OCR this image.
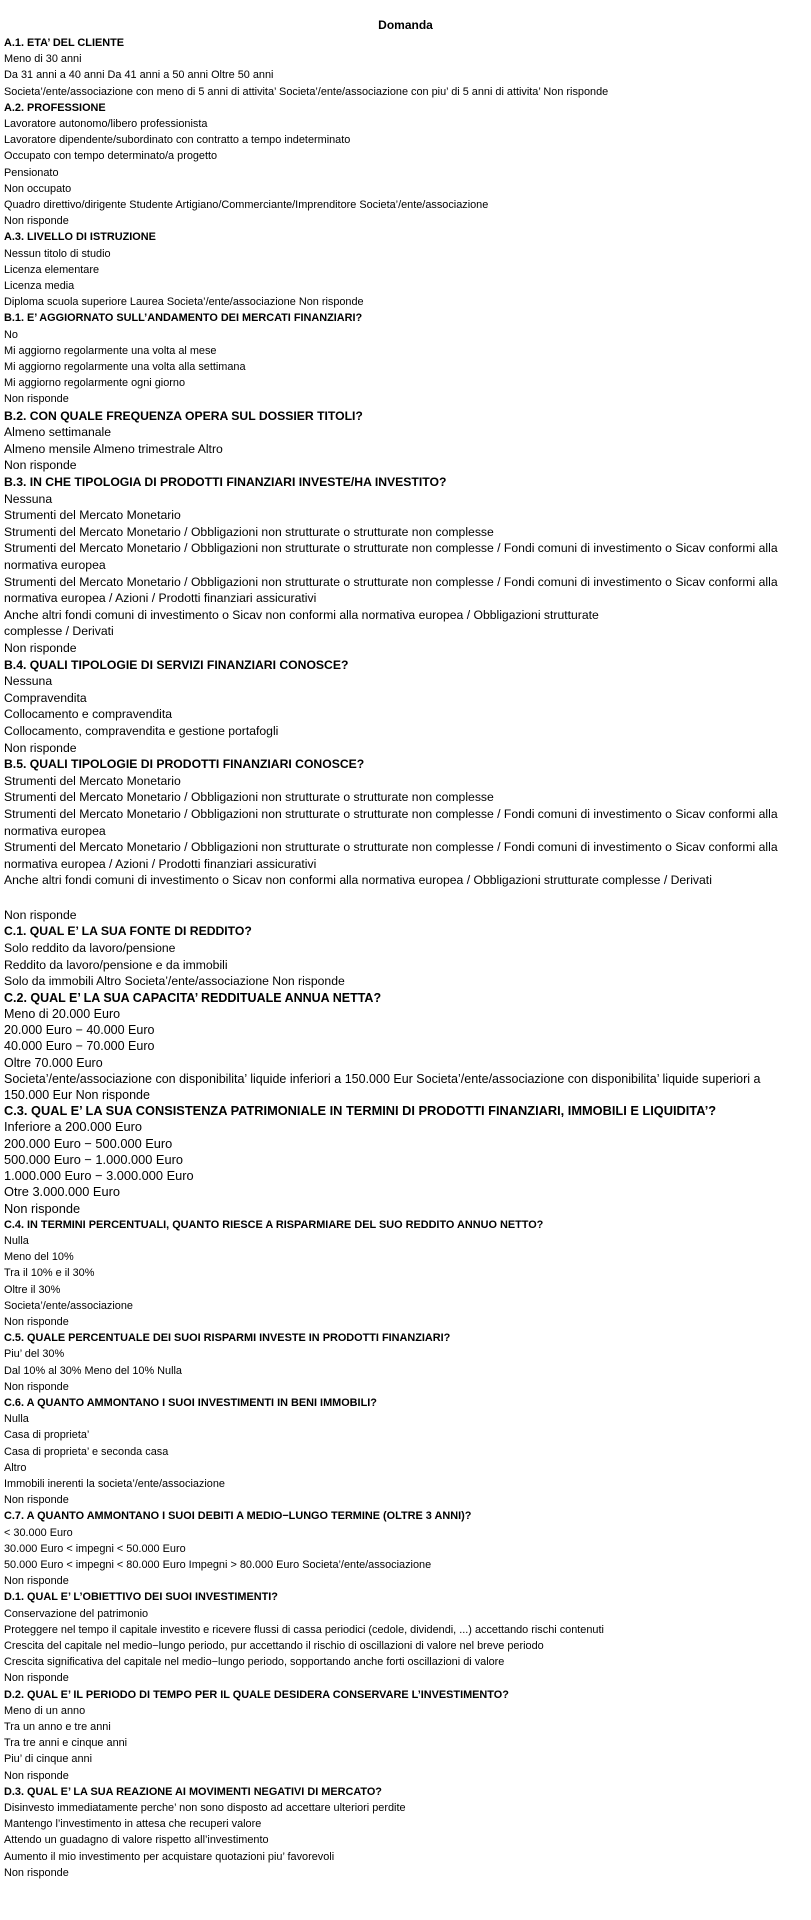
Domanda
A.1. ETA’ DEL CLIENTE
Meno di 30 anni
Da 31 anni a 40 anni Da 41 anni a 50 anni Oltre 50 anni
Societa’/ente/associazione con meno di 5 anni di attivita’ Societa’/ente/associazione con piu’ di 5 anni di attivita’ Non risponde
A.2. PROFESSIONE
Lavoratore autonomo/libero professionista
Lavoratore dipendente/subordinato con contratto a tempo indeterminato
Occupato con tempo determinato/a progetto
Pensionato
Non occupato
Quadro direttivo/dirigente Studente Artigiano/Commerciante/Imprenditore Societa’/ente/associazione
Non risponde
A.3. LIVELLO DI ISTRUZIONE
Nessun titolo di studio
Licenza elementare
Licenza media
Diploma scuola superiore Laurea Societa’/ente/associazione Non risponde
B.1. E’ AGGIORNATO SULL’ANDAMENTO DEI MERCATI FINANZIARI?
No
Mi aggiorno regolarmente una volta al mese
Mi aggiorno regolarmente una volta alla settimana
Mi aggiorno regolarmente ogni giorno
Non risponde
B.2. CON QUALE FREQUENZA OPERA SUL DOSSIER TITOLI?
Almeno settimanale
Almeno mensile Almeno trimestrale Altro
Non risponde
B.3. IN CHE TIPOLOGIA DI PRODOTTI FINANZIARI INVESTE/HA INVESTITO?
Nessuna
Strumenti del Mercato Monetario
Strumenti del Mercato Monetario / Obbligazioni non strutturate o strutturate non complesse
Strumenti del Mercato Monetario / Obbligazioni non strutturate o strutturate non complesse / Fondi comuni di investimento o Sicav conformi alla normativa europea
Strumenti del Mercato Monetario / Obbligazioni non strutturate o strutturate non complesse / Fondi comuni di investimento o Sicav conformi alla normativa europea / Azioni / Prodotti finanziari assicurativi
Anche altri fondi comuni di investimento o Sicav non conformi alla normativa europea / Obbligazioni strutturate
complesse / Derivati
Non risponde
B.4. QUALI TIPOLOGIE DI SERVIZI FINANZIARI CONOSCE?
Nessuna
Compravendita
Collocamento e compravendita
Collocamento, compravendita e gestione portafogli
Non risponde
B.5. QUALI TIPOLOGIE DI PRODOTTI FINANZIARI CONOSCE?
Strumenti del Mercato Monetario
Strumenti del Mercato Monetario / Obbligazioni non strutturate o strutturate non complesse
Strumenti del Mercato Monetario / Obbligazioni non strutturate o strutturate non complesse / Fondi comuni di investimento o Sicav conformi alla normativa europea
Strumenti del Mercato Monetario / Obbligazioni non strutturate o strutturate non complesse / Fondi comuni di investimento o Sicav conformi alla normativa europea / Azioni / Prodotti finanziari assicurativi
Anche altri fondi comuni di investimento o Sicav non conformi alla normativa europea / Obbligazioni strutturate complesse / Derivati
Non risponde
C.1. QUAL E’ LA SUA FONTE DI REDDITO?
Solo reddito da lavoro/pensione
Reddito da lavoro/pensione e da immobili
Solo da immobili Altro Societa’/ente/associazione Non risponde
C.2. QUAL E’ LA SUA CAPACITA’ REDDITUALE ANNUA NETTA?
Meno di 20.000 Euro
20.000 Euro − 40.000 Euro
40.000 Euro − 70.000 Euro
Oltre 70.000 Euro
Societa’/ente/associazione con disponibilita’ liquide inferiori a 150.000 Eur Societa’/ente/associazione con disponibilita’ liquide superiori a 150.000 Eur Non risponde
C.3. QUAL E’ LA SUA CONSISTENZA PATRIMONIALE IN TERMINI DI PRODOTTI FINANZIARI, IMMOBILI E LIQUIDITA’?
Inferiore a 200.000 Euro
200.000 Euro − 500.000 Euro
500.000 Euro − 1.000.000 Euro
1.000.000 Euro − 3.000.000 Euro
Otre 3.000.000 Euro
Non risponde
C.4. IN TERMINI PERCENTUALI, QUANTO RIESCE A RISPARMIARE DEL SUO REDDITO ANNUO NETTO?
Nulla
Meno del 10%
Tra il 10% e il 30%
Oltre il 30%
Societa’/ente/associazione
Non risponde
C.5. QUALE PERCENTUALE DEI SUOI RISPARMI INVESTE IN PRODOTTI FINANZIARI?
Piu’ del 30%
Dal 10% al 30% Meno del 10% Nulla
Non risponde
C.6. A QUANTO AMMONTANO I SUOI INVESTIMENTI IN BENI IMMOBILI?
Nulla
Casa di proprieta’
Casa di proprieta’ e seconda casa
Altro
Immobili inerenti la societa’/ente/associazione
Non risponde
C.7. A QUANTO AMMONTANO I SUOI DEBITI A MEDIO−LUNGO TERMINE (OLTRE 3 ANNI)?
< 30.000 Euro
30.000 Euro < impegni < 50.000 Euro
50.000 Euro < impegni < 80.000 Euro Impegni > 80.000 Euro Societa’/ente/associazione
Non risponde
D.1. QUAL E’ L’OBIETTIVO DEI SUOI INVESTIMENTI?
Conservazione del patrimonio
Proteggere nel tempo il capitale investito e ricevere flussi di cassa periodici (cedole, dividendi, ...) accettando rischi contenuti
Crescita del capitale nel medio−lungo periodo, pur accettando il rischio di oscillazioni di valore nel breve periodo
Crescita significativa del capitale nel medio−lungo periodo, sopportando anche forti oscillazioni di valore
Non risponde
D.2. QUAL E’ IL PERIODO DI TEMPO PER IL QUALE DESIDERA CONSERVARE L’INVESTIMENTO?
Meno di un anno
Tra un anno e tre anni
Tra tre anni e cinque anni
Piu’ di cinque anni
Non risponde
D.3. QUAL E’ LA SUA REAZIONE AI MOVIMENTI NEGATIVI DI MERCATO?
Disinvesto immediatamente perche’ non sono disposto ad accettare ulteriori perdite
Mantengo l’investimento in attesa che recuperi valore
Attendo un guadagno di valore rispetto all’investimento
Aumento il mio investimento per acquistare quotazioni piu’ favorevoli
Non risponde
